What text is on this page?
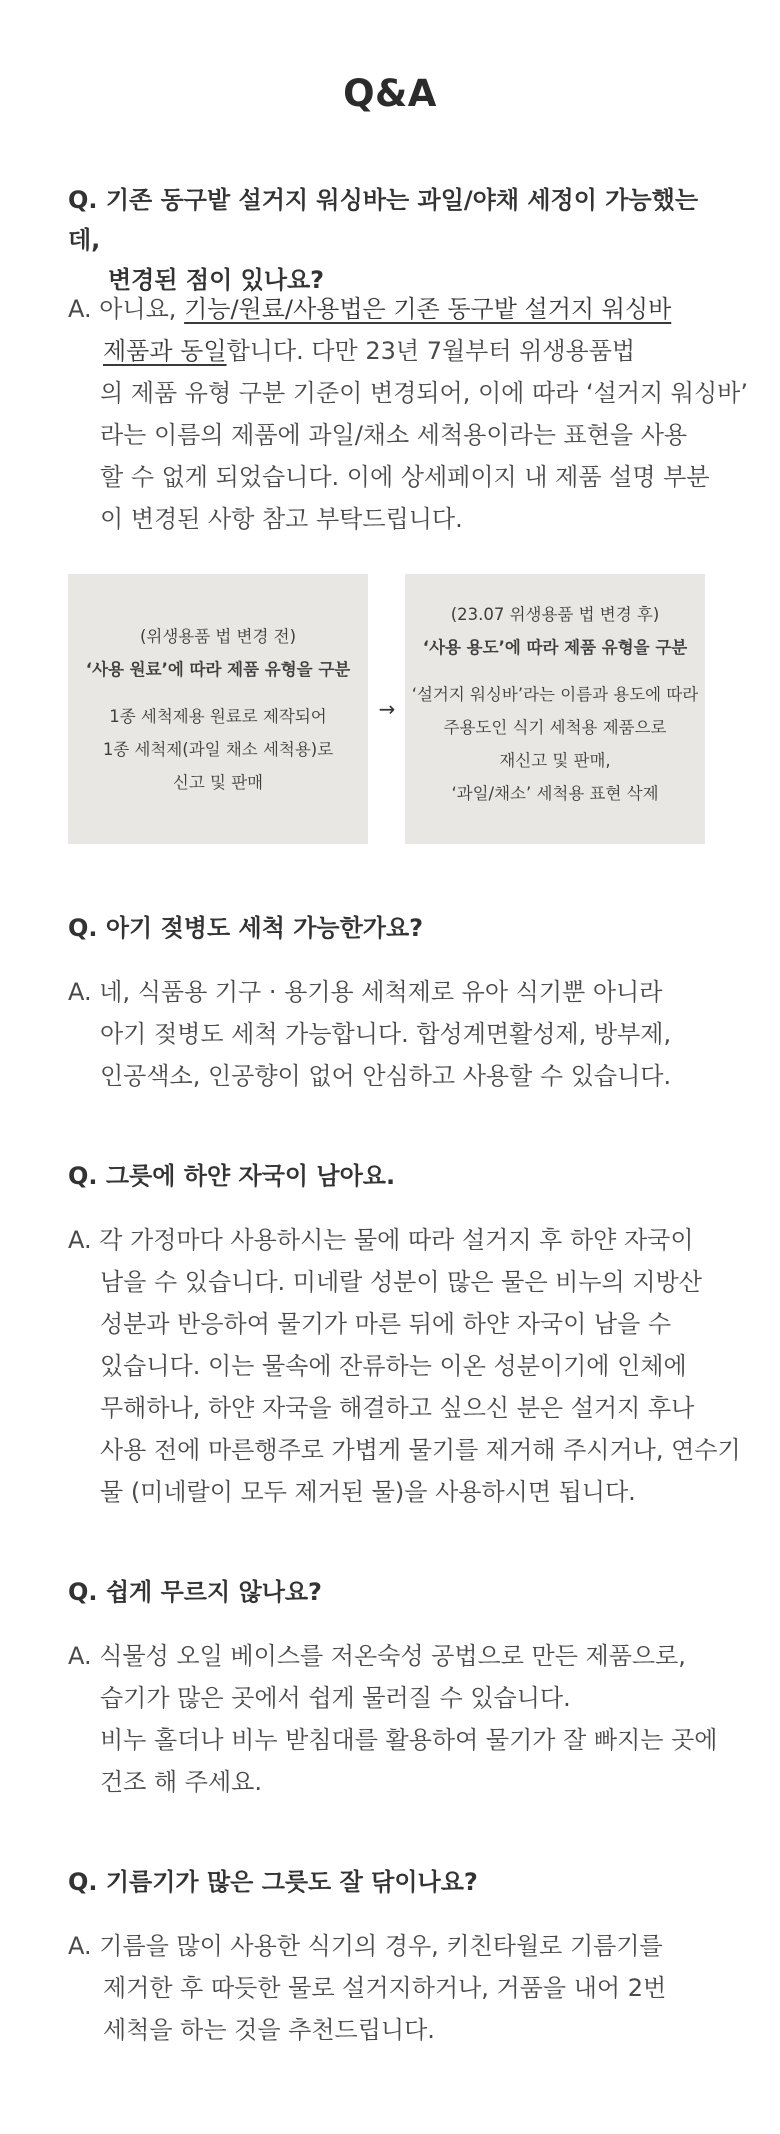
Q&A

Q. 기존 동구밭 설거지 워싱바는 과일/야채 세정이 가능했는데,
변경된 점이 있나요?

A. 아니요, 기능/원료/사용법은 기존 동구밭 설거지 워싱바
제품과 동일합니다. 다만 23년 7월부터 위생용품법
의 제품 유형 구분 기준이 변경되어, 이에 따라 ‘설거지 워싱바’
라는 이름의 제품에 과일/채소 세척용이라는 표현을 사용
할 수 없게 되었습니다. 이에 상세페이지 내 제품 설명 부분
이 변경된 사항 참고 부탁드립니다.
(위생용품 법 변경 전)
‘사용 원료’에 따라 제품 유형을 구분
1종 세척제용 원료로 제작되어
1종 세척제(과일 채소 세척용)로
신고 및 판매
→
(23.07 위생용품 법 변경 후)
‘사용 용도’에 따라 제품 유형을 구분
‘설거지 워싱바’라는 이름과 용도에 따라
주용도인 식기 세척용 제품으로
재신고 및 판매,
‘과일/채소’ 세척용 표현 삭제

Q. 아기 젖병도 세척 가능한가요?

A. 네, 식품용 기구 · 용기용 세척제로 유아 식기뿐 아니라
아기 젖병도 세척 가능합니다. 합성계면활성제, 방부제,
인공색소, 인공향이 없어 안심하고 사용할 수 있습니다.

Q. 그릇에 하얀 자국이 남아요.

A. 각 가정마다 사용하시는 물에 따라 설거지 후 하얀 자국이
남을 수 있습니다. 미네랄 성분이 많은 물은 비누의 지방산
성분과 반응하여 물기가 마른 뒤에 하얀 자국이 남을 수
있습니다. 이는 물속에 잔류하는 이온 성분이기에 인체에
무해하나, 하얀 자국을 해결하고 싶으신 분은 설거지 후나
사용 전에 마른행주로 가볍게 물기를 제거해 주시거나, 연수기
물 (미네랄이 모두 제거된 물)을 사용하시면 됩니다.

Q. 쉽게 무르지 않나요?

A. 식물성 오일 베이스를 저온숙성 공법으로 만든 제품으로,
습기가 많은 곳에서 쉽게 물러질 수 있습니다.
비누 홀더나 비누 받침대를 활용하여 물기가 잘 빠지는 곳에
건조 해 주세요.

Q. 기름기가 많은 그릇도 잘 닦이나요?

A. 기름을 많이 사용한 식기의 경우, 키친타월로 기름기를
제거한 후 따듯한 물로 설거지하거나, 거품을 내어 2번
세척을 하는 것을 추천드립니다.
